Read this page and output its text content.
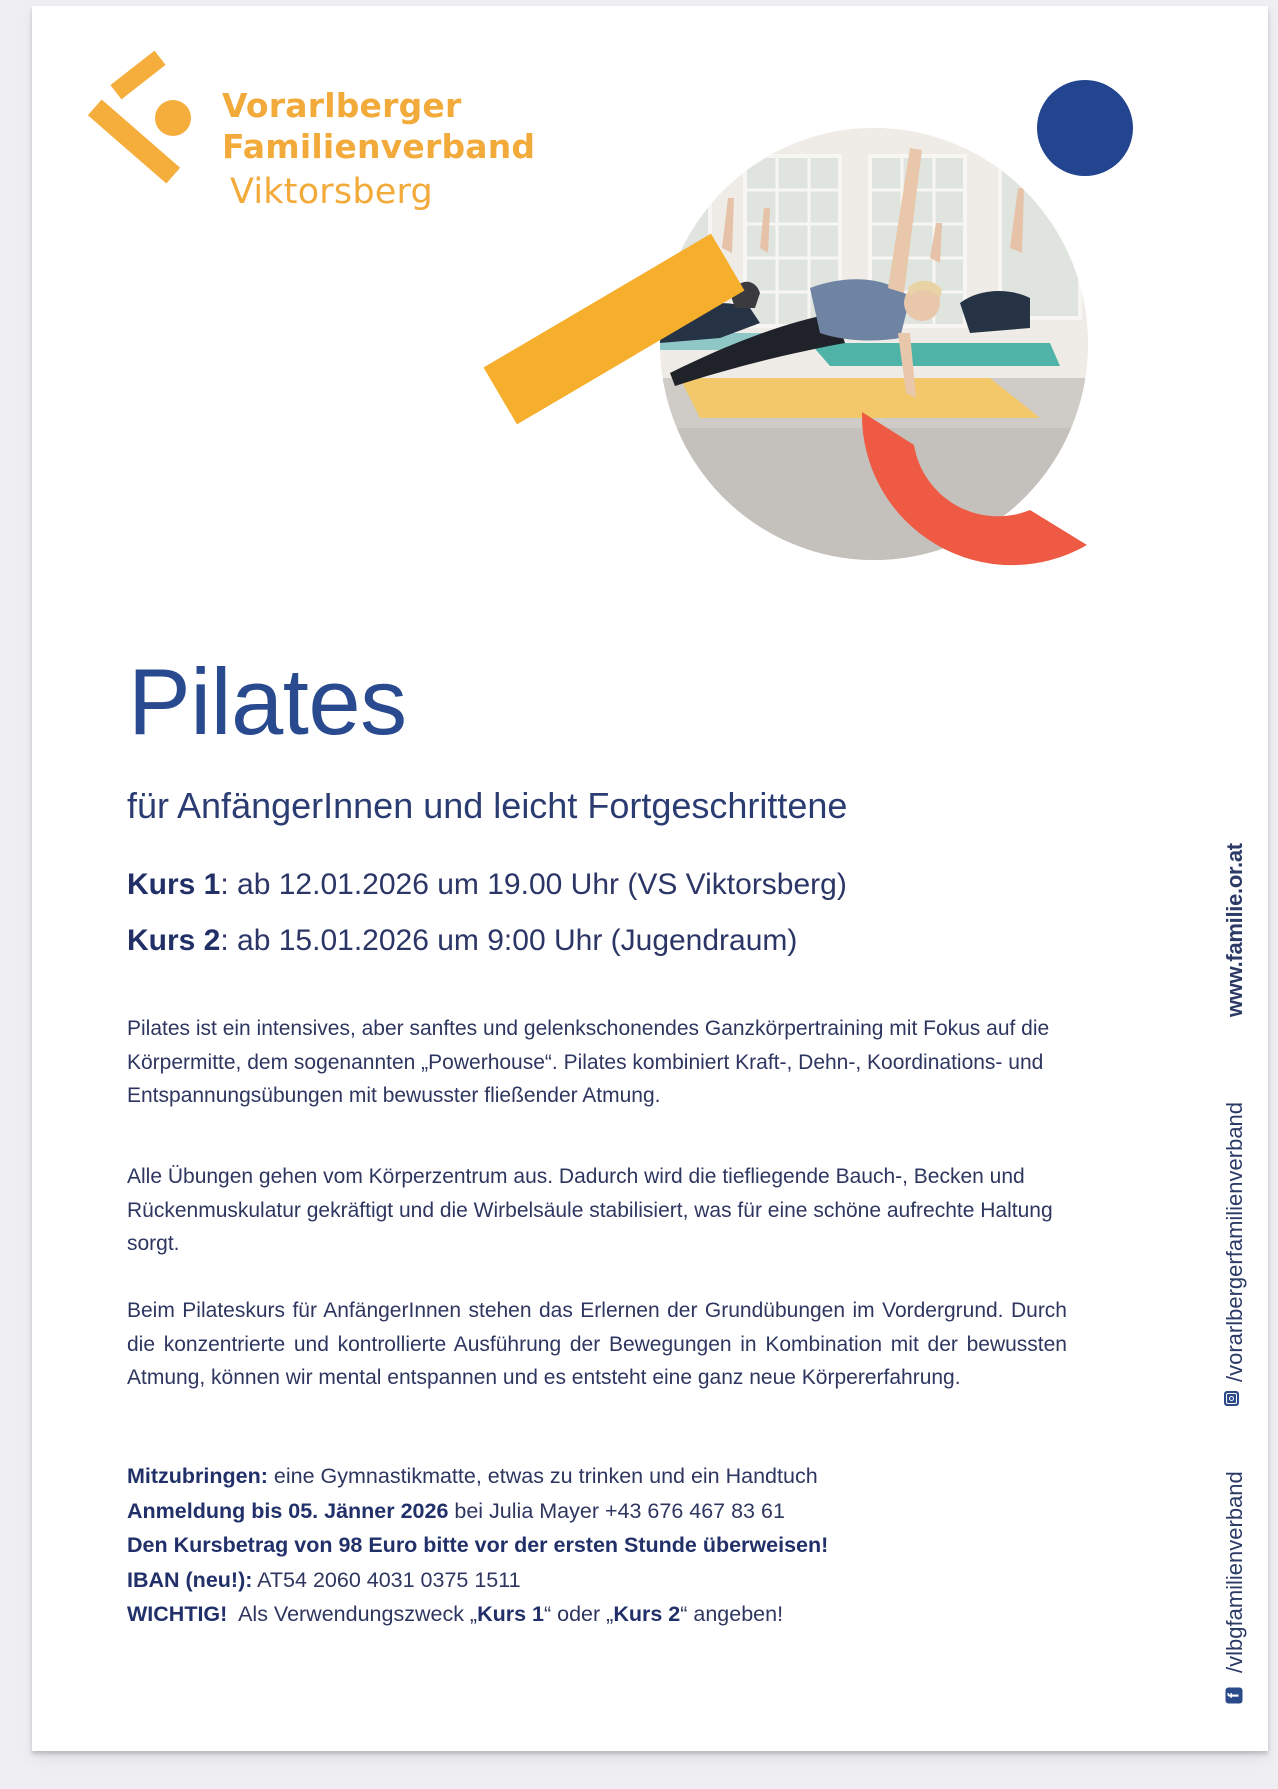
Vorarlberger
Familienverband
Viktorsberg
Pilates
für AnfängerInnen und leicht Fortgeschrittene
Kurs 1: ab 12.01.2026 um 19.00 Uhr (VS Viktorsberg)
Kurs 2: ab 15.01.2026 um 9:00 Uhr (Jugendraum)

Pilates ist ein intensives, aber sanftes und gelenkschonendes Ganzkörpertraining mit Fokus auf die Körpermitte, dem sogenannten „Powerhouse“. Pilates kombiniert Kraft-, Dehn-, Koordinations- und Entspannungsübungen mit bewusster fließender Atmung.

Alle Übungen gehen vom Körperzentrum aus. Dadurch wird die tiefliegende Bauch-, Becken und Rückenmuskulatur gekräftigt und die Wirbelsäule stabilisiert, was für eine schöne aufrechte Haltung sorgt.

Beim Pilateskurs für AnfängerInnen stehen das Erlernen der Grundübungen im Vordergrund. Durch die konzentrierte und kontrollierte Ausführung der Bewegungen in Kombination mit der bewussten Atmung, können wir mental entspannen und es entsteht eine ganz neue Körpererfahrung.

Mitzubringen: eine Gymnastikmatte, etwas zu trinken und ein Handtuch
Anmeldung bis 05. Jänner 2026 bei Julia Mayer +43 676 467 83 61
Den Kursbetrag von 98 Euro bitte vor der ersten Stunde überweisen!
IBAN (neu!): AT54 2060 4031 0375 1511
WICHTIG!  Als Verwendungszweck „Kurs 1“ oder „Kurs 2“ angeben!
www.familie.or.at
/vorarlbergerfamilienverband
/vlbgfamilienverband
f
